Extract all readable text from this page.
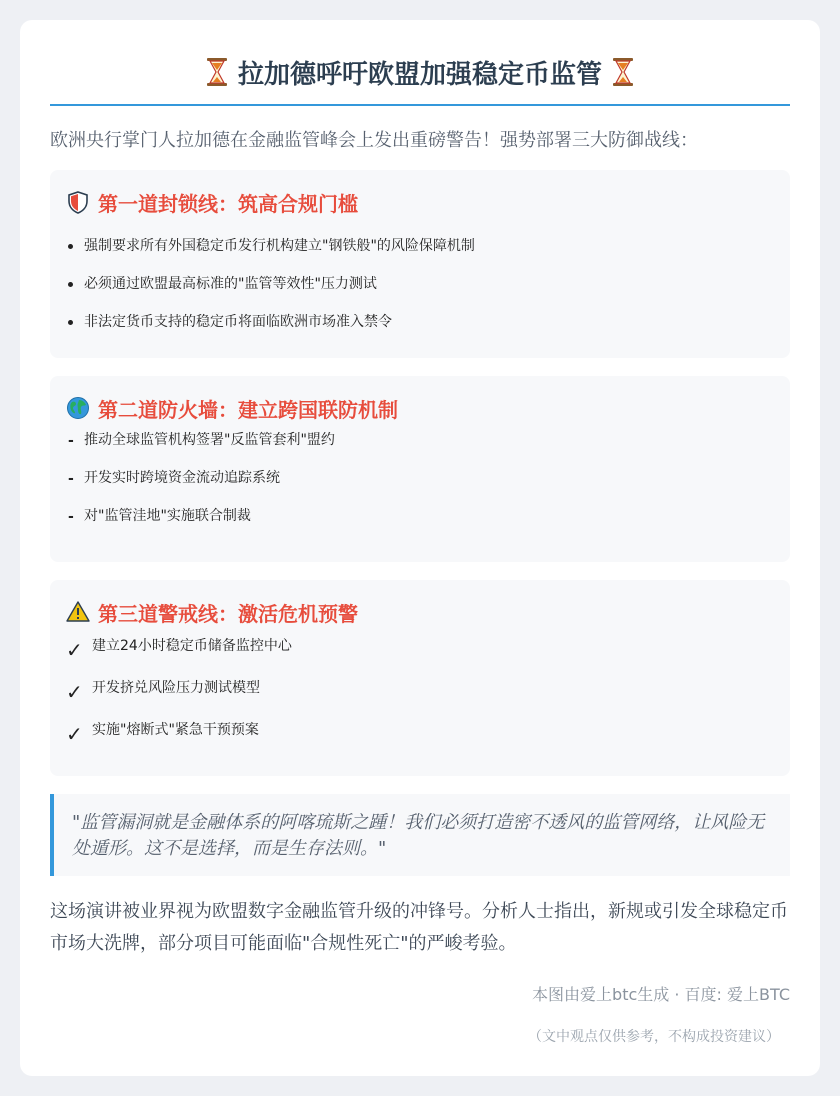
拉加德呼吁欧盟加强稳定币监管
欧洲央行掌门人拉加德在金融监管峰会上发出重磅警告！强势部署三大防御战线：
第一道封锁线：筑高合规门槛
强制要求所有外国稳定币发行机构建立"钢铁般"的风险保障机制
必须通过欧盟最高标准的"监管等效性"压力测试
非法定货币支持的稳定币将面临欧洲市场准入禁令
第二道防火墙：建立跨国联防机制
- 推动全球监管机构签署"反监管套利"盟约
- 开发实时跨境资金流动追踪系统
- 对"监管洼地"实施联合制裁
第三道警戒线：激活危机预警
✓ 建立24小时稳定币储备监控中心
✓ 开发挤兑风险压力测试模型
✓ 实施"熔断式"紧急干预预案
"监管漏洞就是金融体系的阿喀琉斯之踵！我们必须打造密不透风的监管网络，让风险无处遁形。这不是选择，而是生存法则。"
这场演讲被业界视为欧盟数字金融监管升级的冲锋号。分析人士指出，新规或引发全球稳定币市场大洗牌，部分项目可能面临"合规性死亡"的严峻考验。
本图由爱上btc生成 · 百度: 爱上BTC
（文中观点仅供参考，不构成投资建议）
